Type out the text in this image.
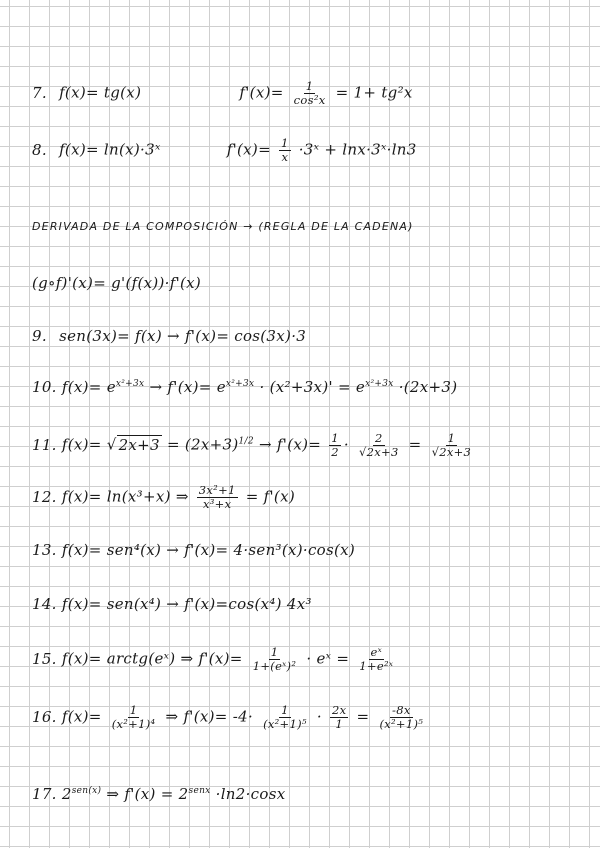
7. f(x)= tg(x)	$f'(x)= \frac{1}{\text{cos²x}} = 1+ tg^2x$
8. f(x)= ln(x)·3ˣ	$f'(x)= \frac{1}{x}$ ·3ˣ + lnx·3ˣ·ln3
DERIVADA DE LA COMPOSICIÓN → (REGLA DE LA CADENA)
(g∘f)'(x)= g'(f(x))·f'(x)
9. sen(3x)= f(x) → f'(x)= cos(3x)·3
10. $f(x)= e^{x^2+3x} \to f'(x)= e^{x^2+3x} \cdot (x^2+3x)' = e^{x^2+3x} \cdot(2x+3)$
11. f(x)= √ $2x+3 = (2x+3)^{1/2} \to f'(x)= \frac{1}{2} \cdot \frac{2}{√2x+3} = \frac{1}{√2x+3}$
12. f(x)= ln(x³+x) ⇒ $\frac{\text{3x²+1}}{\text{x³+x}} = f'(x)$
13. f(x)= sen⁴(x) → f'(x)= 4·sen³(x)·cos(x)
14. f(x)= sen(x⁴) → f'(x)=cos(x⁴) 4x³
15. f(x)= arctg(eˣ) ⇒ $f'(x)= \frac{1}{\text{1+(eˣ)²}}$ · eˣ = $\frac{\text{eˣ}}{\text{1+e²ˣ}}$
16. $f(x)= \frac{1}{\text{(x²+1)⁴}}$ ⇒ $f'(x)= -4\cdot \frac{1}{\text{(x²+1)⁵}} \cdot \frac{2x}{1} = \frac{-8x}{\text{(x²+1)⁵}}$
17. $2^{sen(x)}$ ⇒ $f'(x) = 2^{senx} \cdot\ln 2\cdot\cos x$
